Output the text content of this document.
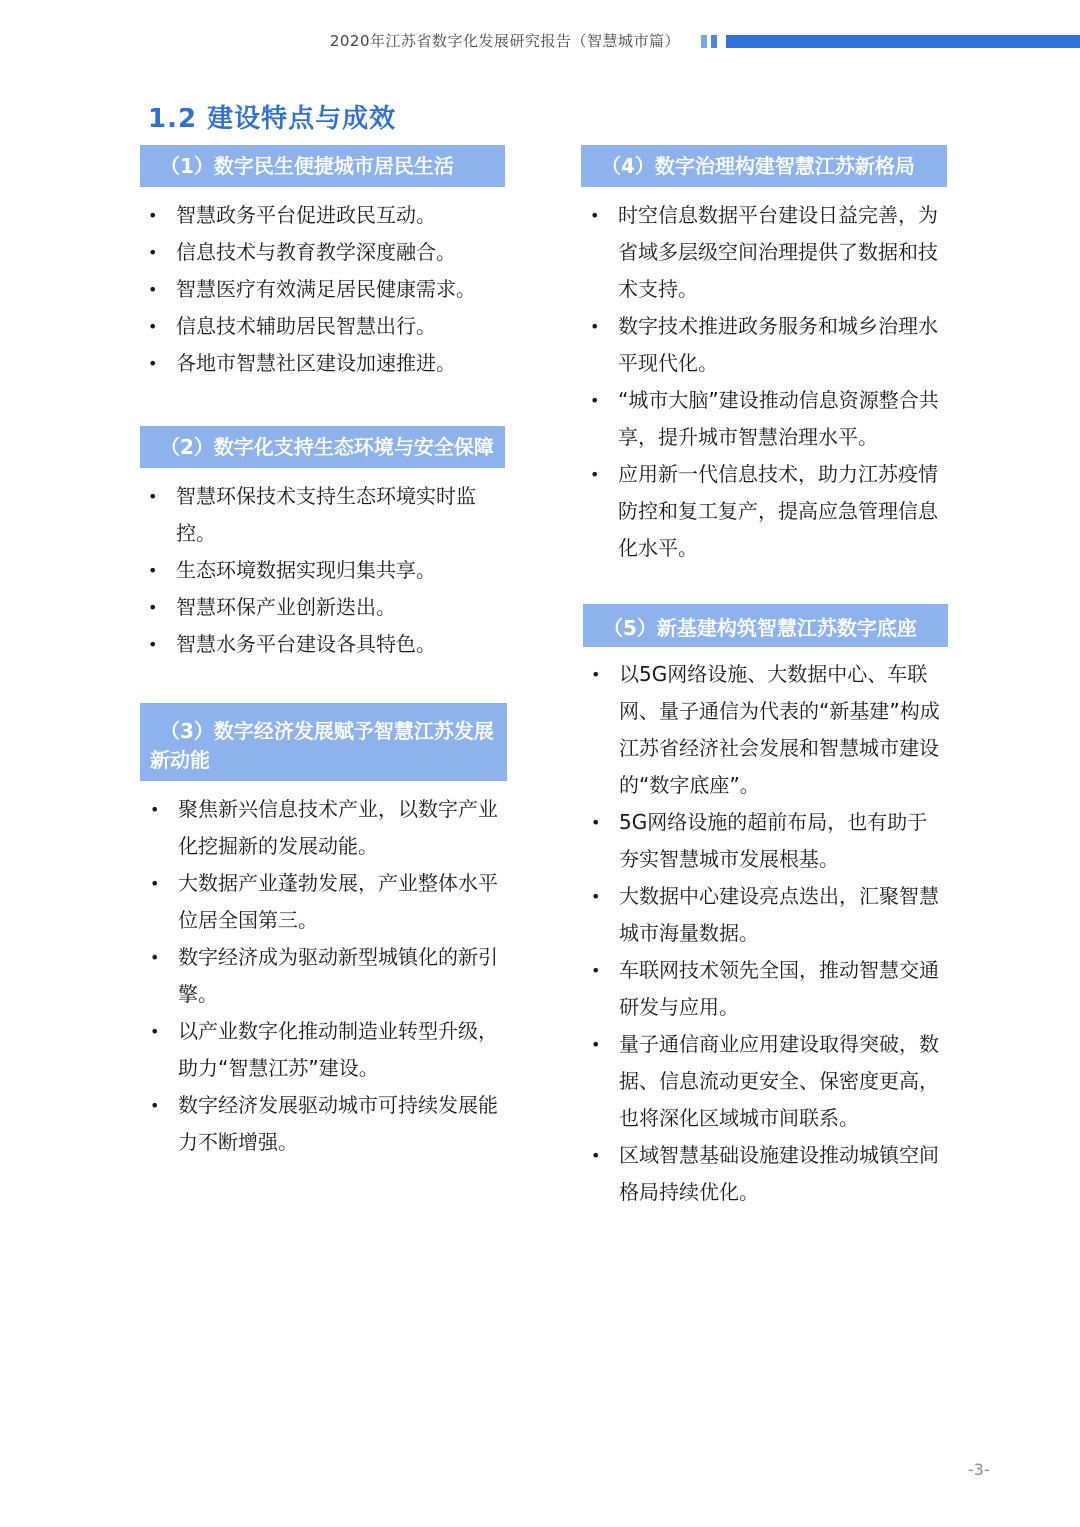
2020年江苏省数字化发展研究报告（智慧城市篇）
1.2 建设特点与成效
（1）数字民生便捷城市居民生活
• 智慧政务平台促进政民互动。
• 信息技术与教育教学深度融合。
• 智慧医疗有效满足居民健康需求。
• 信息技术辅助居民智慧出行。
• 各地市智慧社区建设加速推进。
（2）数字化支持生态环境与安全保障
• 智慧环保技术支持生态环境实时监控。
• 生态环境数据实现归集共享。
• 智慧环保产业创新迭出。
• 智慧水务平台建设各具特色。
（3）数字经济发展赋予智慧江苏发展
新动能
• 聚焦新兴信息技术产业，以数字产业化挖掘新的发展动能。
• 大数据产业蓬勃发展，产业整体水平位居全国第三。
• 数字经济成为驱动新型城镇化的新引擎。
• 以产业数字化推动制造业转型升级，助力“智慧江苏”建设。
• 数字经济发展驱动城市可持续发展能力不断增强。
（4）数字治理构建智慧江苏新格局
• 时空信息数据平台建设日益完善，为省域多层级空间治理提供了数据和技术支持。
• 数字技术推进政务服务和城乡治理水平现代化。
• “城市大脑”建设推动信息资源整合共享，提升城市智慧治理水平。
• 应用新一代信息技术，助力江苏疫情防控和复工复产，提高应急管理信息化水平。
（5）新基建构筑智慧江苏数字底座
• 以5G网络设施、大数据中心、车联网、量子通信为代表的“新基建”构成江苏省经济社会发展和智慧城市建设的“数字底座”。
• 5G网络设施的超前布局，也有助于夯实智慧城市发展根基。
• 大数据中心建设亮点迭出，汇聚智慧城市海量数据。
• 车联网技术领先全国，推动智慧交通研发与应用。
• 量子通信商业应用建设取得突破，数据、信息流动更安全、保密度更高，也将深化区域城市间联系。
• 区域智慧基础设施建设推动城镇空间格局持续优化。
-3-
